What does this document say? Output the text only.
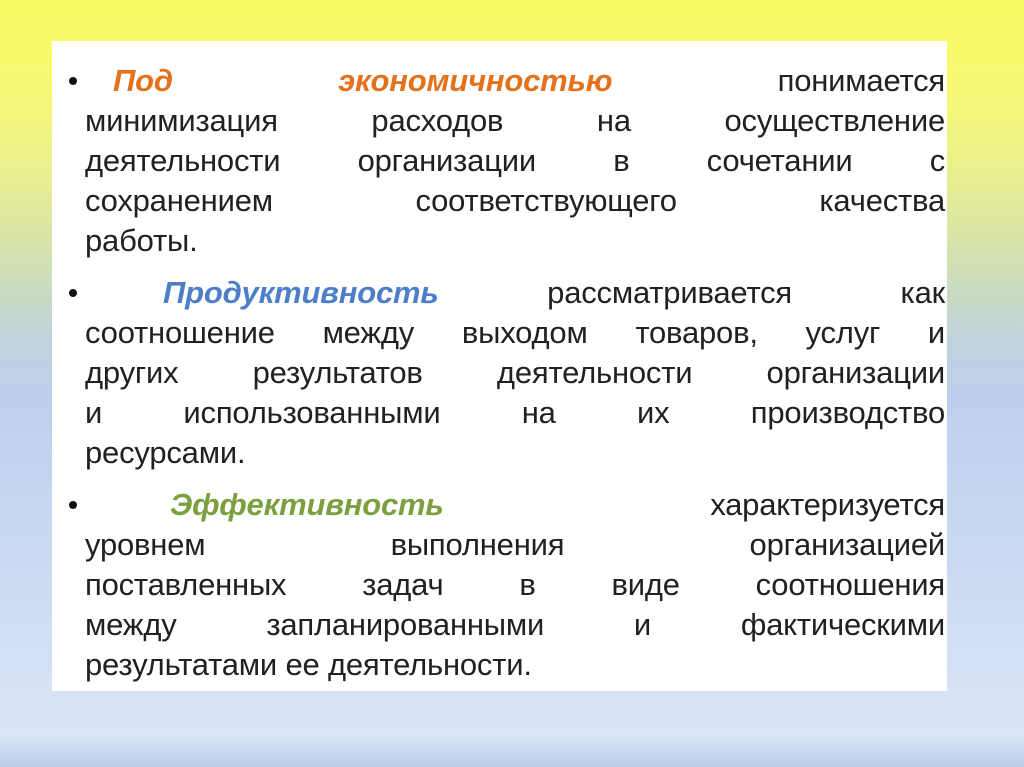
Под экономичностью	понимается
минимизация расходов на осуществление
деятельности организации в сочетании с
сохранением соответствующего качества
работы.
Продуктивность	рассматривается как
соотношение между выходом товаров, услуг и
других результатов деятельности организации
и использованными на их производство
ресурсами.
Эффективность	характеризуется
уровнем выполнения организацией
поставленных задач в виде соотношения
между запланированными и фактическими
результатами ее деятельности.
